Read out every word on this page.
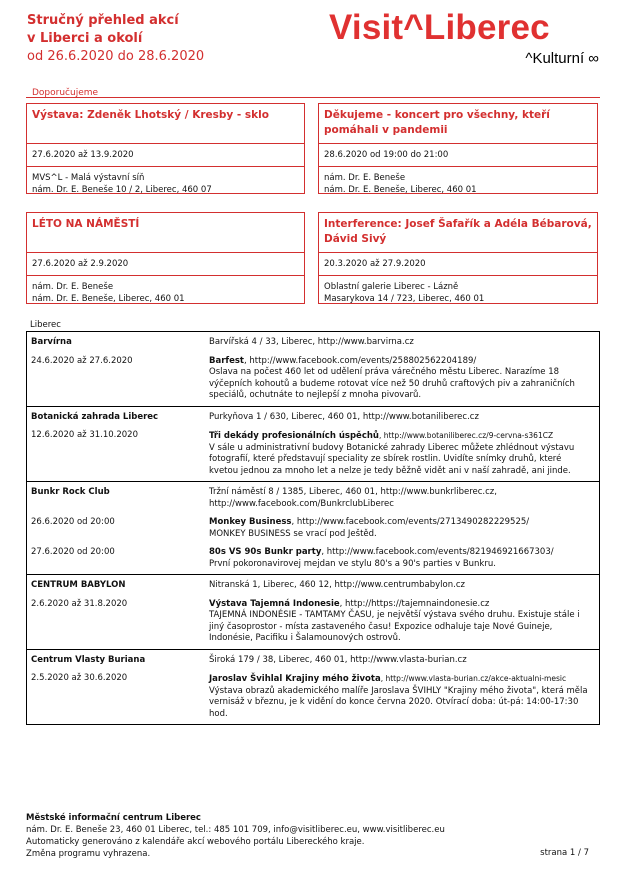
Stručný přehled akcí
v Liberci a okolí
od 26.6.2020 do 28.6.2020
Visit^Liberec
^Kulturní ∞
Doporučujeme
Výstava: Zdeněk Lhotský / Kresby - sklo
27.6.2020 až 13.9.2020
MVS^L - Malá výstavní síň
nám. Dr. E. Beneše 10 / 2, Liberec, 460 07
Děkujeme - koncert pro všechny, kteří pomáhali v pandemii
28.6.2020 od 19:00 do 21:00
nám. Dr. E. Beneše
nám. Dr. E. Beneše, Liberec, 460 01
LÉTO NA NÁMĚSTÍ
27.6.2020 až 2.9.2020
nám. Dr. E. Beneše
nám. Dr. E. Beneše, Liberec, 460 01
Interference: Josef Šafařík a Adéla Bébarová, Dávid Sivý
20.3.2020 až 27.9.2020
Oblastní galerie Liberec - Lázně
Masarykova 14 / 723, Liberec, 460 01
Liberec
Barvírna	Barvířská 4 / 33, Liberec, http://www.barvirna.cz
24.6.2020 až 27.6.2020	Barfest, http://www.facebook.com/events/258802562204189/
Oslava na počest 460 let od udělení práva várečného městu Liberec. Narazíme 18 výčepních kohoutů a budeme rotovat více než 50 druhů craftových piv a zahraničních speciálů, ochutnáte to nejlepší z mnoha pivovarů.
Botanická zahrada Liberec	Purkyňova 1 / 630, Liberec, 460 01, http://www.botaniliberec.cz
12.6.2020 až 31.10.2020	Tři dekády profesionálních úspěchů, http://www.botaniliberec.cz/9-cervna-s361CZ
V sále u administrativní budovy Botanické zahrady Liberec můžete zhlédnout výstavu fotografií, které představují speciality ze sbírek rostlin. Uvidíte snímky druhů, které kvetou jednou za mnoho let a nelze je tedy běžně vidět ani v naší zahradě, ani jinde.
Bunkr Rock Club	Tržní náměstí 8 / 1385, Liberec, 460 01, http://www.bunkrliberec.cz, http://www.facebook.com/BunkrclubLiberec
26.6.2020 od 20:00	Monkey Business, http://www.facebook.com/events/2713490282229525/
MONKEY BUSINESS se vrací pod Ještěd.
27.6.2020 od 20:00	80s VS 90s Bunkr party, http://www.facebook.com/events/821946921667303/
První pokoronavirovej mejdan ve stylu 80's a 90's parties v Bunkru.
CENTRUM BABYLON	Nitranská 1, Liberec, 460 12, http://www.centrumbabylon.cz
2.6.2020 až 31.8.2020	Výstava Tajemná Indonesie, http://https://tajemnaindonesie.cz
TAJEMNÁ INDONÉSIE - TAMTAMY ČASU, je největší výstava svého druhu. Existuje stále i jiný časoprostor - místa zastaveného času! Expozice odhaluje taje Nové Guineje, Indonésie, Pacifiku i Šalamounových ostrovů.
Centrum Vlasty Buriana	Široká 179 / 38, Liberec, 460 01, http://www.vlasta-burian.cz
2.5.2020 až 30.6.2020	Jaroslav Švihlal Krajiny mého života, http://www.vlasta-burian.cz/akce-aktualni-mesic
Výstava obrazů akademického malíře Jaroslava ŠVIHLY "Krajiny mého života", která měla vernisáž v březnu, je k vidění do konce června 2020. Otvírací doba: út-pá: 14:00-17:30 hod.
Městské informační centrum Liberec
nám. Dr. E. Beneše 23, 460 01 Liberec, tel.: 485 101 709, info@visitliberec.eu, www.visitliberec.eu
Automaticky generováno z kalendáře akcí webového portálu Libereckého kraje.
Změna programu vyhrazena.	strana 1 / 7
